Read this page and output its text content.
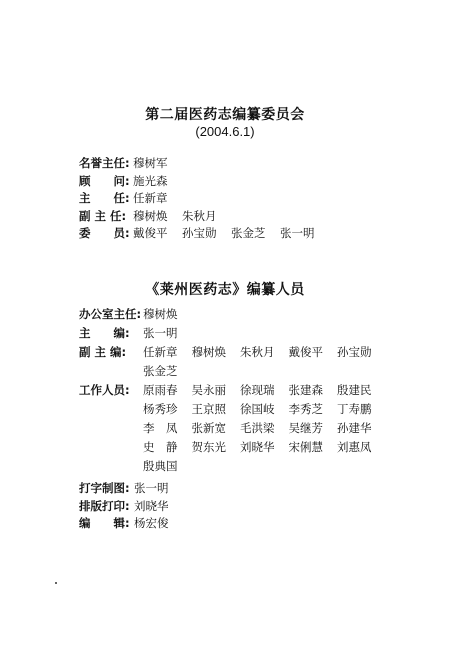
第二届医药志编纂委员会
(2004.6.1)
名誉主任: 穆树军
顾　　问: 施光森
主　　任: 任新章
副 主 任: 穆树焕 朱秋月
委　　员: 戴俊平 孙宝勋 张金芝 张一明
《莱州医药志》编纂人员
办公室主任: 穆树焕
主　　编: 张一明
副 主 编: 任新章 穆树焕 朱秋月 戴俊平 孙宝勋
张金芝
工作人员: 原雨春 吴永丽 徐现瑞 张建森 殷建民
杨秀珍 王京照 徐国岐 李秀芝 丁寿鹏
李　凤 张新宽 毛洪梁 吴继芳 孙建华
史　静 贺东光 刘晓华 宋俐慧 刘惠凤
殷典国
打字制图: 张一明
排版打印: 刘晓华
编　　辑: 杨宏俊
